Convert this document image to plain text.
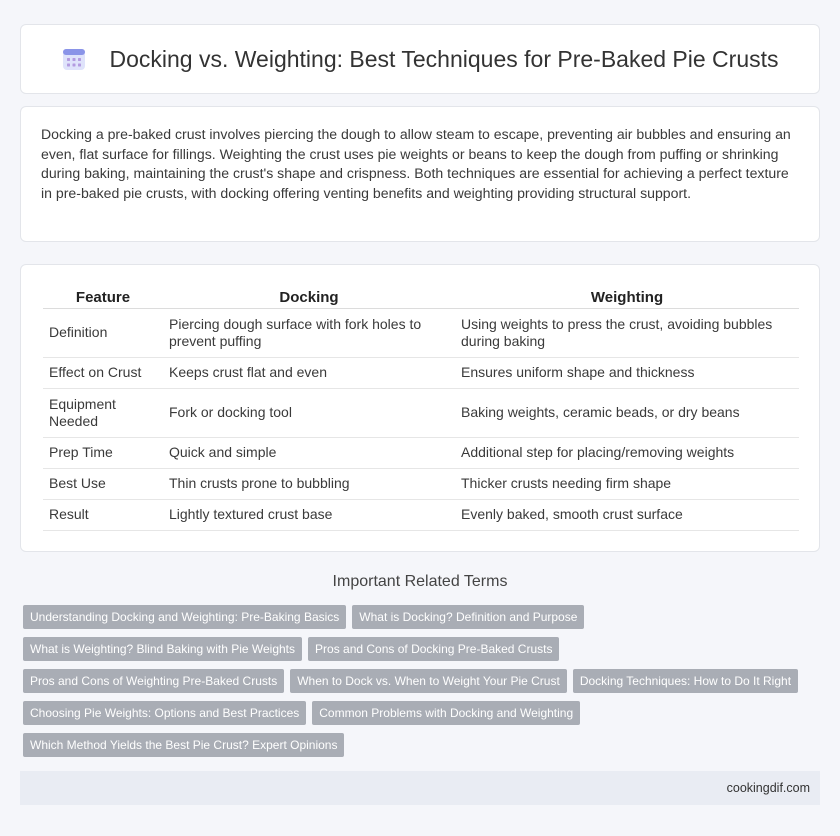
Docking vs. Weighting: Best Techniques for Pre-Baked Pie Crusts

Docking a pre-baked crust involves piercing the dough to allow steam to escape, preventing air bubbles and ensuring an even, flat surface for fillings. Weighting the crust uses pie weights or beans to keep the dough from puffing or shrinking during baking, maintaining the crust's shape and crispness. Both techniques are essential for achieving a perfect texture in pre-baked pie crusts, with docking offering venting benefits and weighting providing structural support.

Feature	Docking	Weighting
Definition	Piercing dough surface with fork holes to prevent puffing	Using weights to press the crust, avoiding bubbles during baking
Effect on Crust	Keeps crust flat and even	Ensures uniform shape and thickness
Equipment Needed	Fork or docking tool	Baking weights, ceramic beads, or dry beans
Prep Time	Quick and simple	Additional step for placing/removing weights
Best Use	Thin crusts prone to bubbling	Thicker crusts needing firm shape
Result	Lightly textured crust base	Evenly baked, smooth crust surface
Important Related Terms
Understanding Docking and Weighting: Pre-Baking Basics What is Docking? Definition and Purpose
What is Weighting? Blind Baking with Pie Weights Pros and Cons of Docking Pre-Baked Crusts
Pros and Cons of Weighting Pre-Baked Crusts When to Dock vs. When to Weight Your Pie Crust Docking Techniques: How to Do It Right
Choosing Pie Weights: Options and Best Practices Common Problems with Docking and Weighting
Which Method Yields the Best Pie Crust? Expert Opinions
cookingdif.com
